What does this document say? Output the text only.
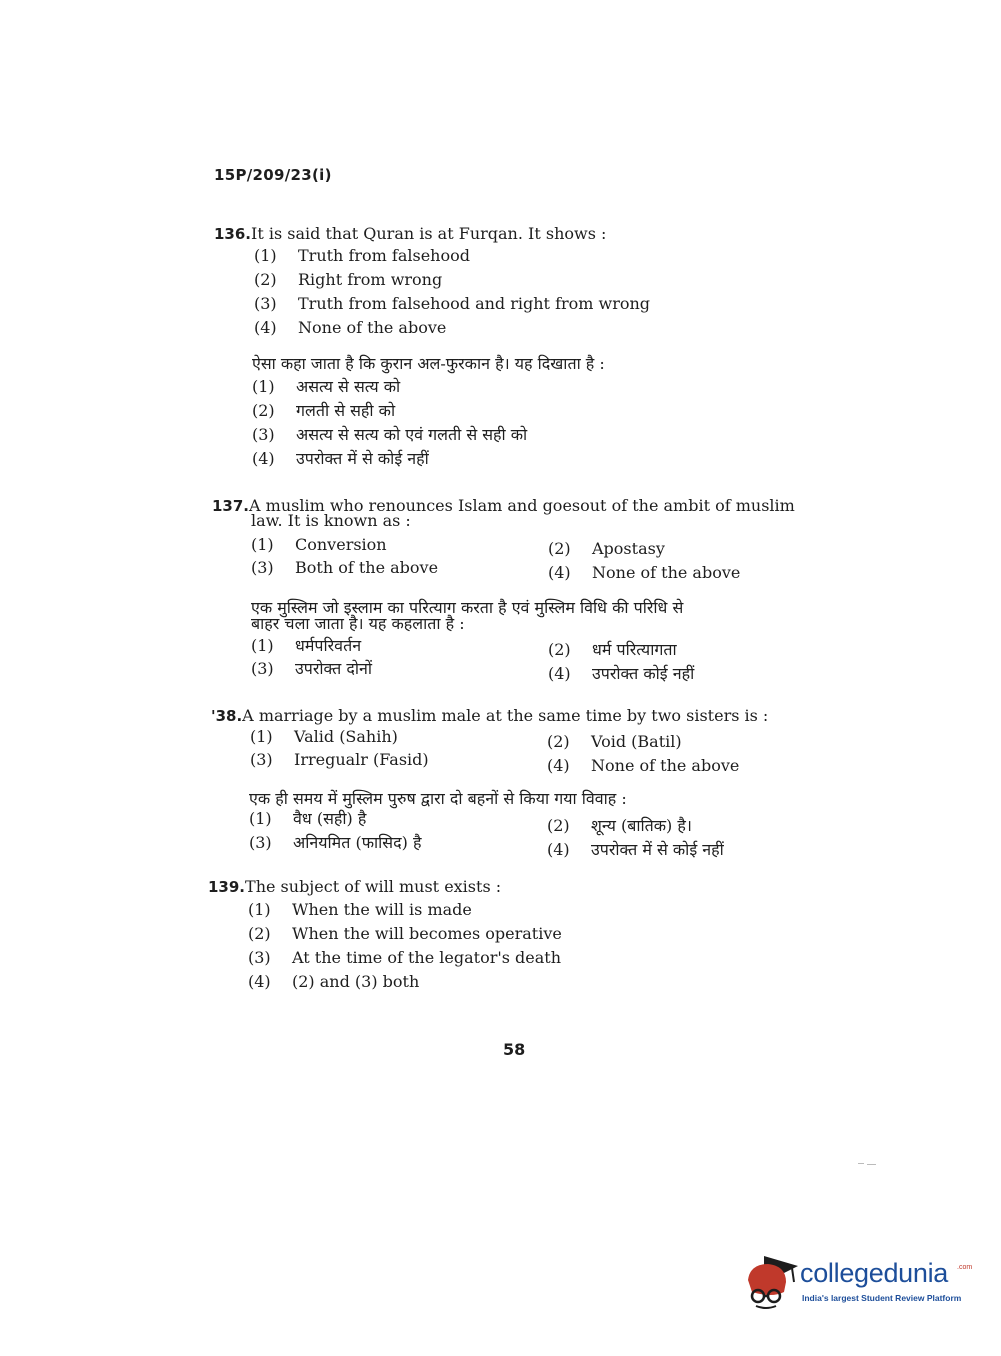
15P/209/23(i)
136.It is said that Quran is at Furqan. It shows :
(1) Truth from falsehood
(2) Right from wrong
(3) Truth from falsehood and right from wrong
(4) None of the above
ऐसा कहा जाता है कि कुरान अल-फुरकान है। यह दिखाता है :
(1) असत्य से सत्य को
(2) गलती से सही को
(3) असत्य से सत्य को एवं गलती से सही को
(4) उपरोक्त में से कोई नहीं
137.A muslim who renounces Islam and goesout of the ambit of muslim
law. It is known as :
(1) Conversion	(2) Apostasy
(3) Both of the above	(4) None of the above
एक मुस्लिम जो इस्लाम का परित्याग करता है एवं मुस्लिम विधि की परिधि से
बाहर चला जाता है। यह कहलाता है :
(1) धर्मपरिवर्तन	(2) धर्म परित्यागता
(3) उपरोक्त दोनों	(4) उपरोक्त कोई नहीं
'38.A marriage by a muslim male at the same time by two sisters is :
(1) Valid (Sahih)	(2) Void (Batil)
(3) Irregualr (Fasid)	(4) None of the above
एक ही समय में मुस्लिम पुरुष द्वारा दो बहनों से किया गया विवाह :
(1) वैध (सही) है	(2) शून्य (बातिक) है।
(3) अनियमित (फासिद) है	(4) उपरोक्त में से कोई नहीं
139.The subject of will must exists :
(1) When the will is made
(2) When the will becomes operative
(3) At the time of the legator's death
(4) (2) and (3) both
58
collegedunia .com
India's largest Student Review Platform
